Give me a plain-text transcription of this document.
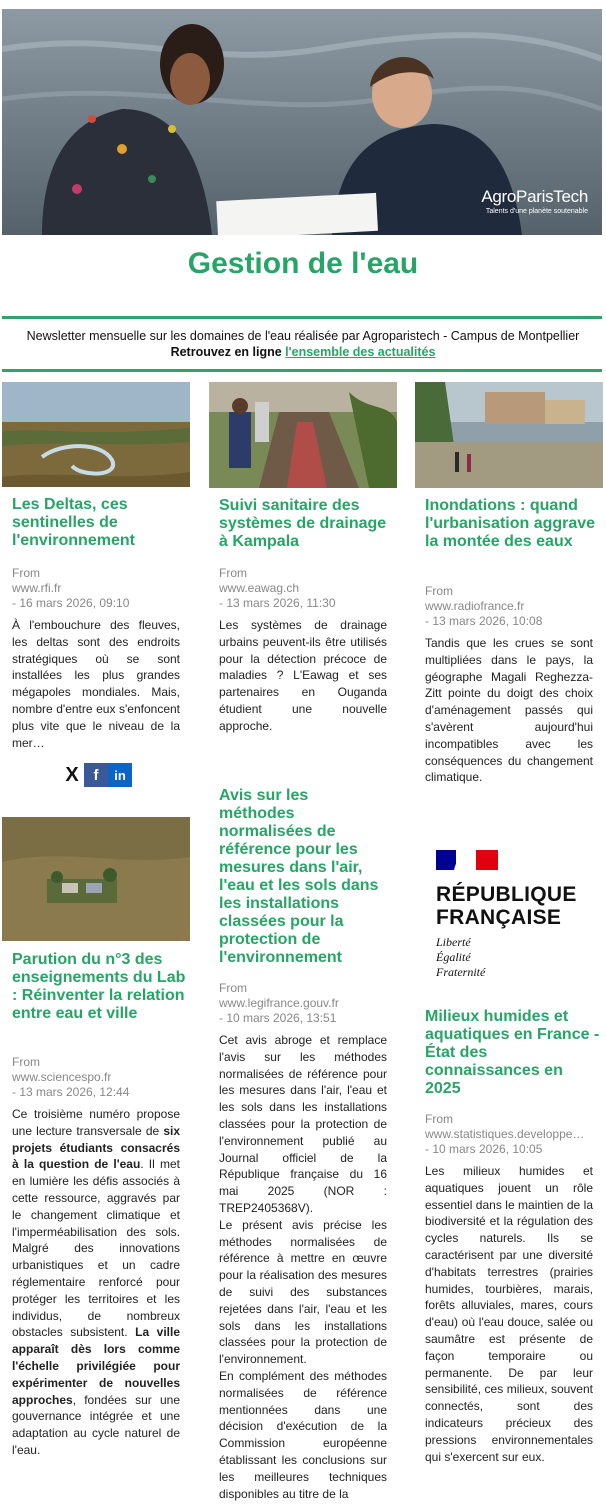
AgroParisTech
Talents d'une planète soutenable
Gestion de l'eau
Newsletter mensuelle sur les domaines de l'eau réalisée par Agroparistech - Campus de Montpellier
Retrouvez en ligne l'ensemble des actualités
Les Deltas, ces sentinelles de l'environnement
From
www.rfi.fr
- 16 mars 2026, 09:10
À l'embouchure des fleuves, les deltas sont des endroits stratégiques où se sont installées les plus grandes mégapoles mondiales. Mais, nombre d'entre eux s'enfoncent plus vite que le niveau de la mer…
X f	in
Suivi sanitaire des systèmes de drainage à Kampala
From
www.eawag.ch
- 13 mars 2026, 11:30
Les systèmes de drainage urbains peuvent-ils être utilisés pour la détection précoce de maladies ? L'Eawag et ses partenaires en Ouganda étudient une nouvelle approche.
Inondations : quand l'urbanisation aggrave la montée des eaux
From
www.radiofrance.fr
- 13 mars 2026, 10:08
Tandis que les crues se sont multipliées dans le pays, la géographe Magali Reghezza-Zitt pointe du doigt des choix d'aménagement passés qui s'avèrent aujourd'hui incompatibles avec les conséquences du changement climatique.
Parution du n°3 des enseignements du Lab : Réinventer la relation entre eau et ville
From
www.sciencespo.fr
- 13 mars 2026, 12:44
Ce troisième numéro propose une lecture transversale de six projets étudiants consacrés à la question de l'eau. Il met en lumière les défis associés à cette ressource, aggravés par le changement climatique et l'imperméabilisation des sols. Malgré des innovations urbanistiques et un cadre réglementaire renforcé pour protéger les territoires et les individus, de nombreux obstacles subsistent. La ville apparaît dès lors comme l'échelle privilégiée pour expérimenter de nouvelles approches, fondées sur une gouvernance intégrée et une adaptation au cycle naturel de l'eau.
Avis sur les méthodes normalisées de référence pour les mesures dans l'air, l'eau et les sols dans les installations classées pour la protection de l'environnement
From
www.legifrance.gouv.fr
- 10 mars 2026, 13:51
Cet avis abroge et remplace l'avis sur les méthodes normalisées de référence pour les mesures dans l'air, l'eau et les sols dans les installations classées pour la protection de l'environnement publié au Journal officiel de la République française du 16 mai 2025 (NOR : TREP2405368V).
Le présent avis précise les méthodes normalisées de référence à mettre en œuvre pour la réalisation des mesures de suivi des substances rejetées dans l'air, l'eau et les sols dans les installations classées pour la protection de l'environnement.
En complément des méthodes normalisées de référence mentionnées dans une décision d'exécution de la Commission européenne établissant les conclusions sur les meilleures techniques disponibles au titre de la
RÉPUBLIQUE
FRANÇAISE
Liberté
Égalité
Fraternité
Milieux humides et aquatiques en France - État des connaissances en 2025
From
www.statistiques.developpe…
- 10 mars 2026, 10:05
Les milieux humides et aquatiques jouent un rôle essentiel dans le maintien de la biodiversité et la régulation des cycles naturels. Ils se caractérisent par une diversité d'habitats terrestres (prairies humides, tourbières, marais, forêts alluviales, mares, cours d'eau) où l'eau douce, salée ou saumâtre est présente de façon temporaire ou permanente. De par leur sensibilité, ces milieux, souvent connectés, sont des indicateurs précieux des pressions environnementales qui s'exercent sur eux.
